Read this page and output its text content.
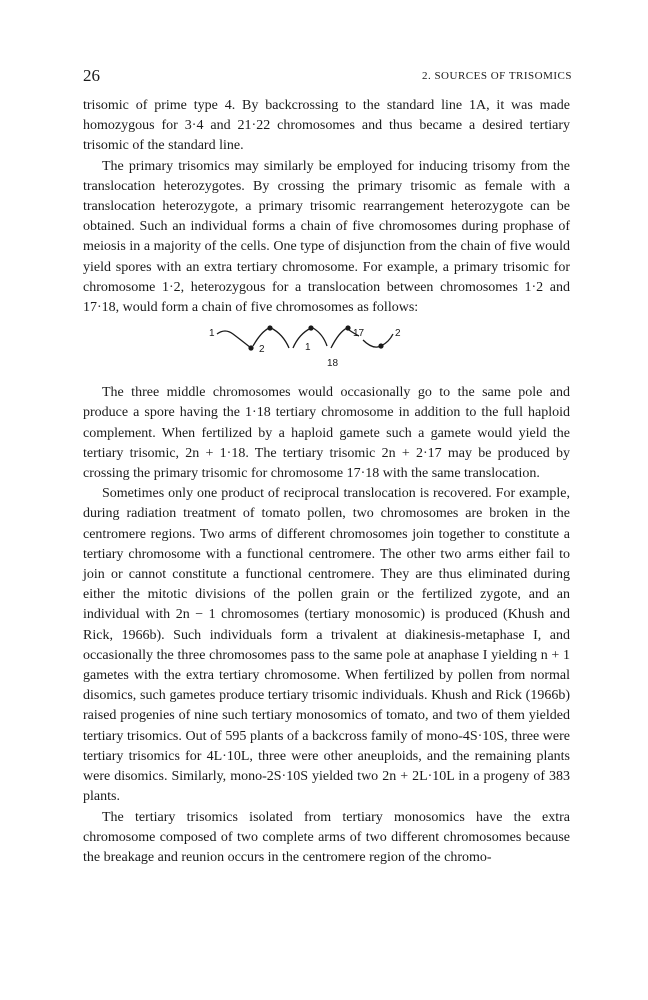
26	2. SOURCES OF TRISOMICS

trisomic of prime type 4. By backcrossing to the standard line 1A, it was made homozygous for 3·4 and 21·22 chromosomes and thus became a desired tertiary trisomic of the standard line.

The primary trisomics may similarly be employed for inducing trisomy from the translocation heterozygotes. By crossing the primary trisomic as female with a translocation heterozygote, a primary trisomic rearrangement heterozygote can be obtained. Such an individual forms a chain of five chromosomes during prophase of meiosis in a majority of the cells. One type of disjunction from the chain of five would yield spores with an extra tertiary chromosome. For example, a primary trisomic for chromosome 1·2, heterozygous for a translocation between chromosomes 1·2 and 17·18, would form a chain of five chromosomes as follows:

1
2	1
18
17	2

The three middle chromosomes would occasionally go to the same pole and produce a spore having the 1·18 tertiary chromosome in addition to the full haploid complement. When fertilized by a haploid gamete such a gamete would yield the tertiary trisomic, 2n + 1·18. The tertiary trisomic 2n + 2·17 may be produced by crossing the primary trisomic for chromosome 17·18 with the same translocation.

Sometimes only one product of reciprocal translocation is recovered. For example, during radiation treatment of tomato pollen, two chromosomes are broken in the centromere regions. Two arms of different chromosomes join together to constitute a tertiary chromosome with a functional centromere. The other two arms either fail to join or cannot constitute a functional centromere. They are thus eliminated during either the mitotic divisions of the pollen grain or the fertilized zygote, and an individual with 2n − 1 chromosomes (tertiary monosomic) is produced (Khush and Rick, 1966b). Such individuals form a trivalent at diakinesis-metaphase I, and occasionally the three chromosomes pass to the same pole at anaphase I yielding n + 1 gametes with the extra tertiary chromosome. When fertilized by pollen from normal disomics, such gametes produce tertiary trisomic individuals. Khush and Rick (1966b) raised progenies of nine such tertiary monosomics of tomato, and two of them yielded tertiary trisomics. Out of 595 plants of a backcross family of mono-4S·10S, three were tertiary trisomics for 4L·10L, three were other aneuploids, and the remaining plants were disomics. Similarly, mono-2S·10S yielded two 2n + 2L·10L in a progeny of 383 plants.

The tertiary trisomics isolated from tertiary monosomics have the extra chromosome composed of two complete arms of two different chromosomes because the breakage and reunion occurs in the centromere region of the chromo-
